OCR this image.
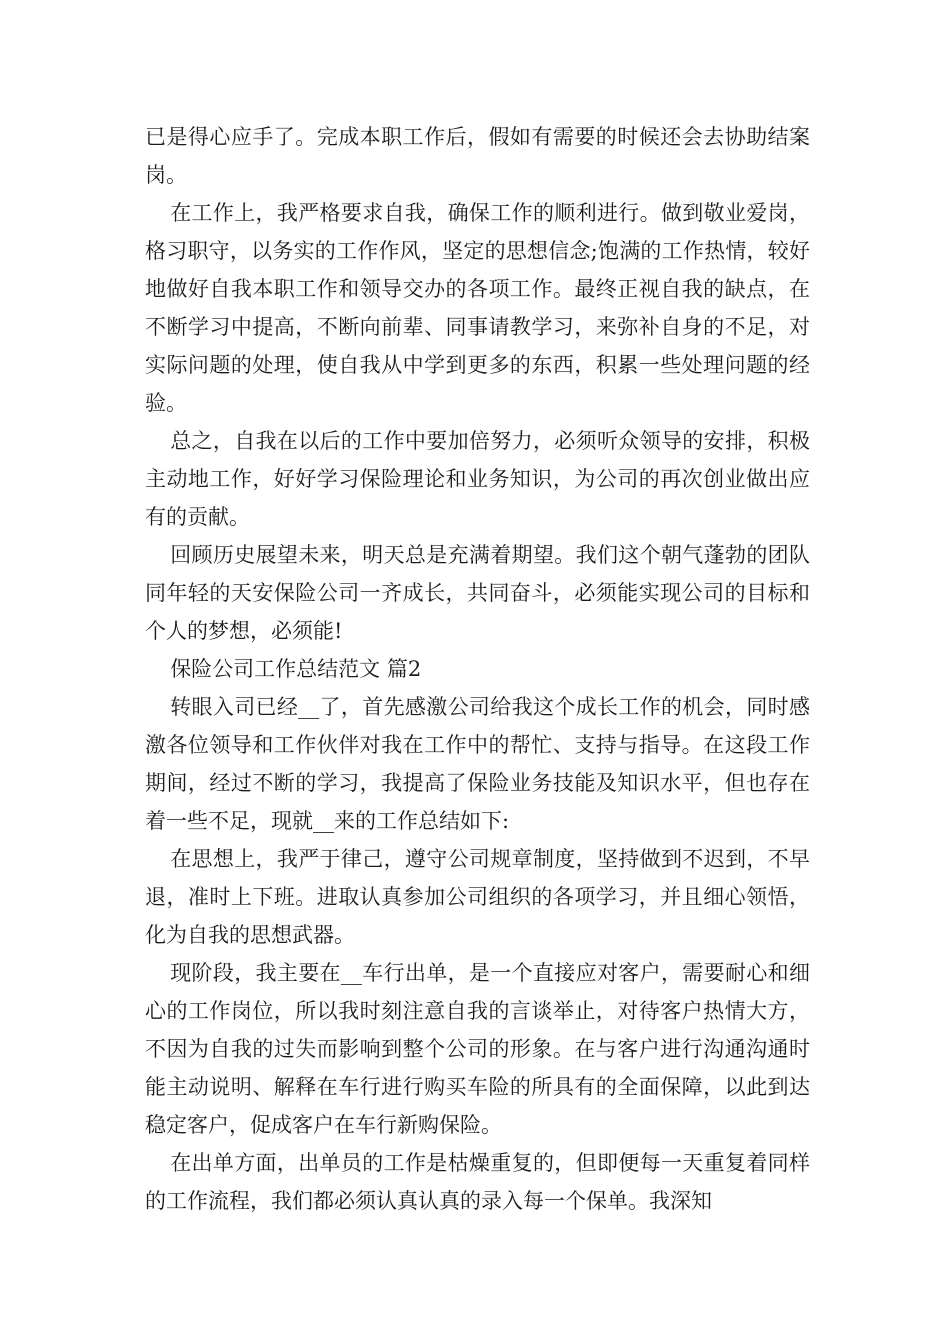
已是得心应手了。完成本职工作后，假如有需要的时候还会去协助结案岗。

在工作上，我严格要求自我，确保工作的顺利进行。做到敬业爱岗，格习职守，以务实的工作作风，坚定的思想信念;饱满的工作热情，较好地做好自我本职工作和领导交办的各项工作。最终正视自我的缺点，在不断学习中提高，不断向前辈、同事请教学习，来弥补自身的不足，对实际问题的处理，使自我从中学到更多的东西，积累一些处理问题的经验。

总之，自我在以后的工作中要加倍努力，必须听众领导的安排，积极主动地工作，好好学习保险理论和业务知识，为公司的再次创业做出应有的贡献。

回顾历史展望未来，明天总是充满着期望。我们这个朝气蓬勃的团队同年轻的天安保险公司一齐成长，共同奋斗，必须能实现公司的目标和个人的梦想，必须能!

保险公司工作总结范文 篇2

转眼入司已经__了，首先感激公司给我这个成长工作的机会，同时感激各位领导和工作伙伴对我在工作中的帮忙、支持与指导。在这段工作期间，经过不断的学习，我提高了保险业务技能及知识水平，但也存在着一些不足，现就__来的工作总结如下:

在思想上，我严于律己，遵守公司规章制度，坚持做到不迟到，不早退，准时上下班。进取认真参加公司组织的各项学习，并且细心领悟，化为自我的思想武器。

现阶段，我主要在__车行出单，是一个直接应对客户，需要耐心和细心的工作岗位，所以我时刻注意自我的言谈举止，对待客户热情大方，不因为自我的过失而影响到整个公司的形象。在与客户进行沟通沟通时能主动说明、解释在车行进行购买车险的所具有的全面保障，以此到达稳定客户，促成客户在车行新购保险。

在出单方面，出单员的工作是枯燥重复的，但即便每一天重复着同样的工作流程，我们都必须认真认真的录入每一个保单。我深知
